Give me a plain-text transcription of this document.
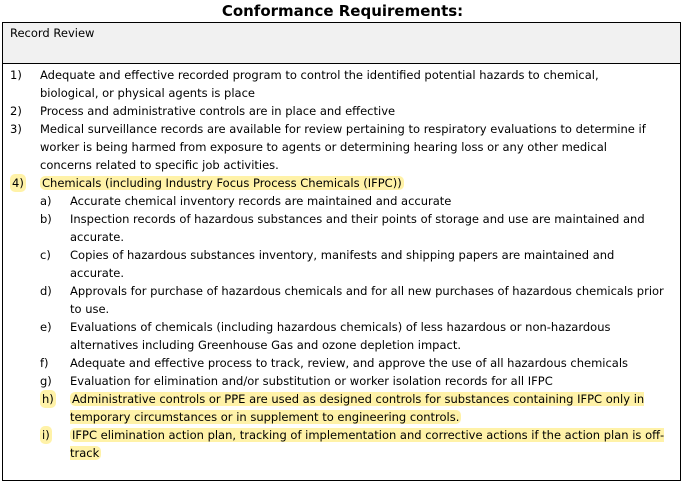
Conformance Requirements:
Record Review
1) Adequate and effective recorded program to control the identified potential hazards to chemical, biological, or physical agents is place
2) Process and administrative controls are in place and effective
3) Medical surveillance records are available for review pertaining to respiratory evaluations to determine if worker is being harmed from exposure to agents or determining hearing loss or any other medical concerns related to specific job activities.
4) Chemicals (including Industry Focus Process Chemicals (IFPC))
a) Accurate chemical inventory records are maintained and accurate
b) Inspection records of hazardous substances and their points of storage and use are maintained and accurate.
c) Copies of hazardous substances inventory, manifests and shipping papers are maintained and accurate.
d) Approvals for purchase of hazardous chemicals and for all new purchases of hazardous chemicals prior to use.
e) Evaluations of chemicals (including hazardous chemicals) of less hazardous or non-hazardous alternatives including Greenhouse Gas and ozone depletion impact.
f) Adequate and effective process to track, review, and approve the use of all hazardous chemicals
g) Evaluation for elimination and/or substitution or worker isolation records for all IFPC
h) Administrative controls or PPE are used as designed controls for substances containing IFPC only in temporary circumstances or in supplement to engineering controls.
i) IFPC elimination action plan, tracking of implementation and corrective actions if the action plan is off-track
